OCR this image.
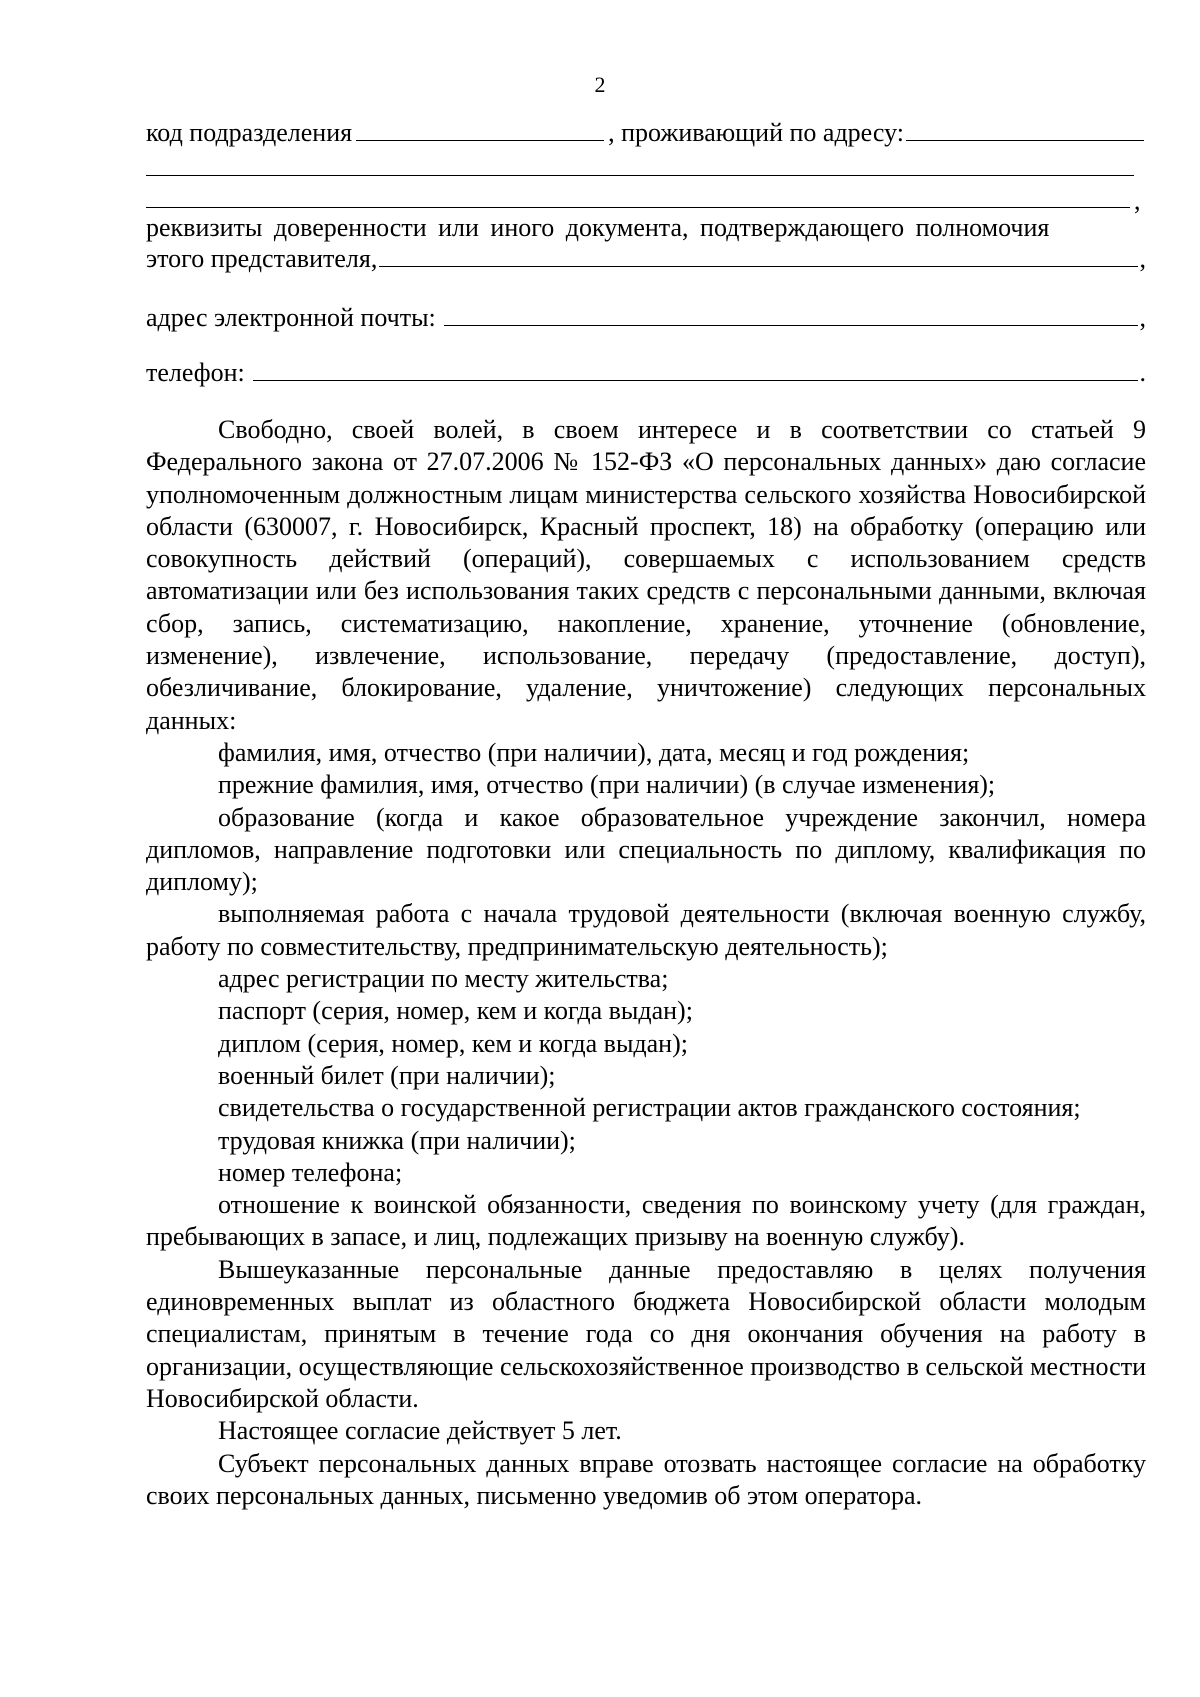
2
код подразделения	, проживающий по адресу:
,
реквизиты доверенности или иного документа, подтверждающего полномочия
этого представителя,	,
адрес электронной почты:	,
телефон:	.

Свободно, своей волей, в своем интересе и в соответствии со статьей 9 Федерального закона от 27.07.2006 № 152-ФЗ «О персональных данных» даю согласие уполномоченным должностным лицам министерства сельского хозяйства Новосибирской области (630007, г. Новосибирск, Красный проспект, 18) на обработку (операцию или совокупность действий (операций), совершаемых с использованием средств автоматизации или без использования таких средств с персональными данными, включая сбор, запись, систематизацию, накопление, хранение, уточнение (обновление, изменение), извлечение, использование, передачу (предоставление, доступ), обезличивание, блокирование, удаление, уничтожение) следующих персональных данных:

фамилия, имя, отчество (при наличии), дата, месяц и год рождения;

прежние фамилия, имя, отчество (при наличии) (в случае изменения);

образование (когда и какое образовательное учреждение закончил, номера дипломов, направление подготовки или специальность по диплому, квалификация по диплому);

выполняемая работа с начала трудовой деятельности (включая военную службу, работу по совместительству, предпринимательскую деятельность);

адрес регистрации по месту жительства;

паспорт (серия, номер, кем и когда выдан);

диплом (серия, номер, кем и когда выдан);

военный билет (при наличии);

свидетельства о государственной регистрации актов гражданского состояния;

трудовая книжка (при наличии);

номер телефона;

отношение к воинской обязанности, сведения по воинскому учету (для граждан, пребывающих в запасе, и лиц, подлежащих призыву на военную службу).

Вышеуказанные персональные данные предоставляю в целях получения единовременных выплат из областного бюджета Новосибирской области молодым специалистам, принятым в течение года со дня окончания обучения на работу в организации, осуществляющие сельскохозяйственное производство в сельской местности Новосибирской области.

Настоящее согласие действует 5 лет.

Субъект персональных данных вправе отозвать настоящее согласие на обработку своих персональных данных, письменно уведомив об этом оператора.
